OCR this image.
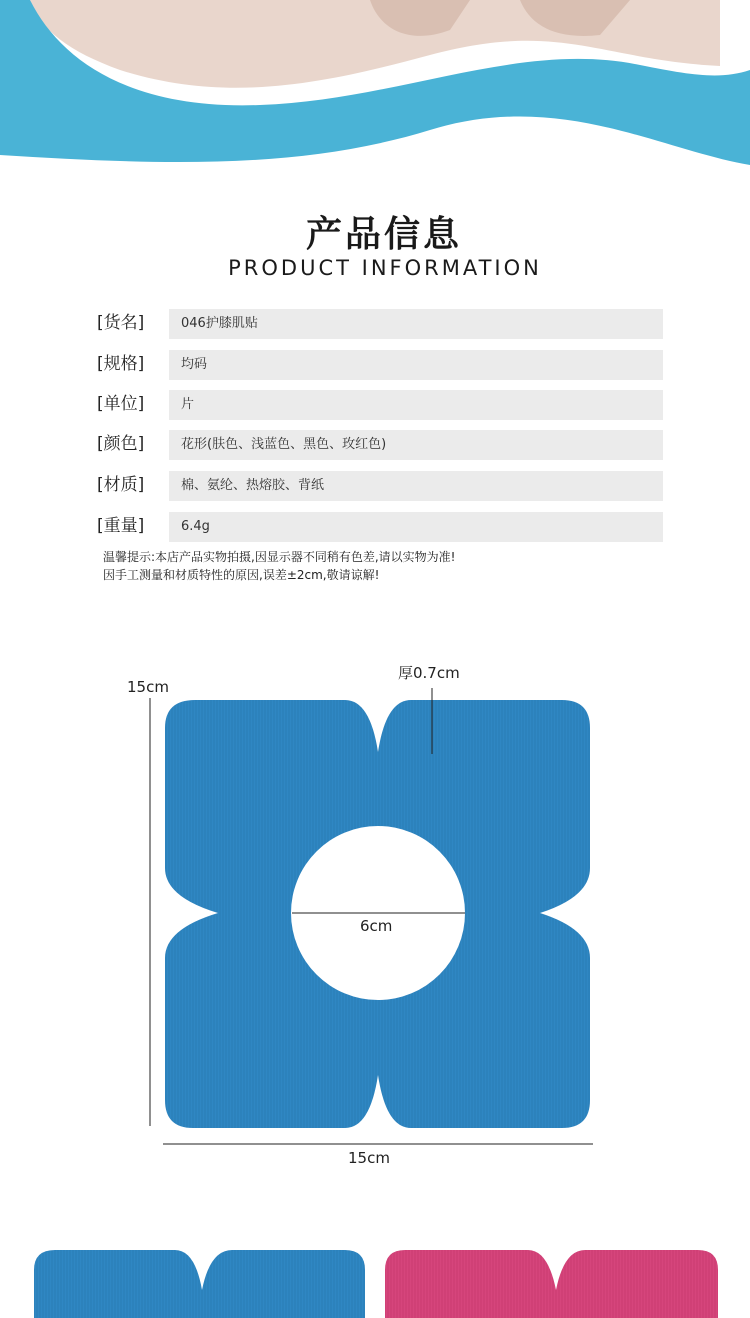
产品信息
PRODUCT INFORMATION
[货名]	046护膝肌贴
[规格]	均码
[单位]	片
[颜色]	花形(肤色、浅蓝色、黑色、玫红色)
[材质]	棉、氨纶、热熔胶、背纸
[重量]	6.4g
温馨提示:本店产品实物拍摄,因显示器不同稍有色差,请以实物为准!
因手工测量和材质特性的原因,误差±2cm,敬请谅解!
15cm
厚0.7cm
6cm
15cm
